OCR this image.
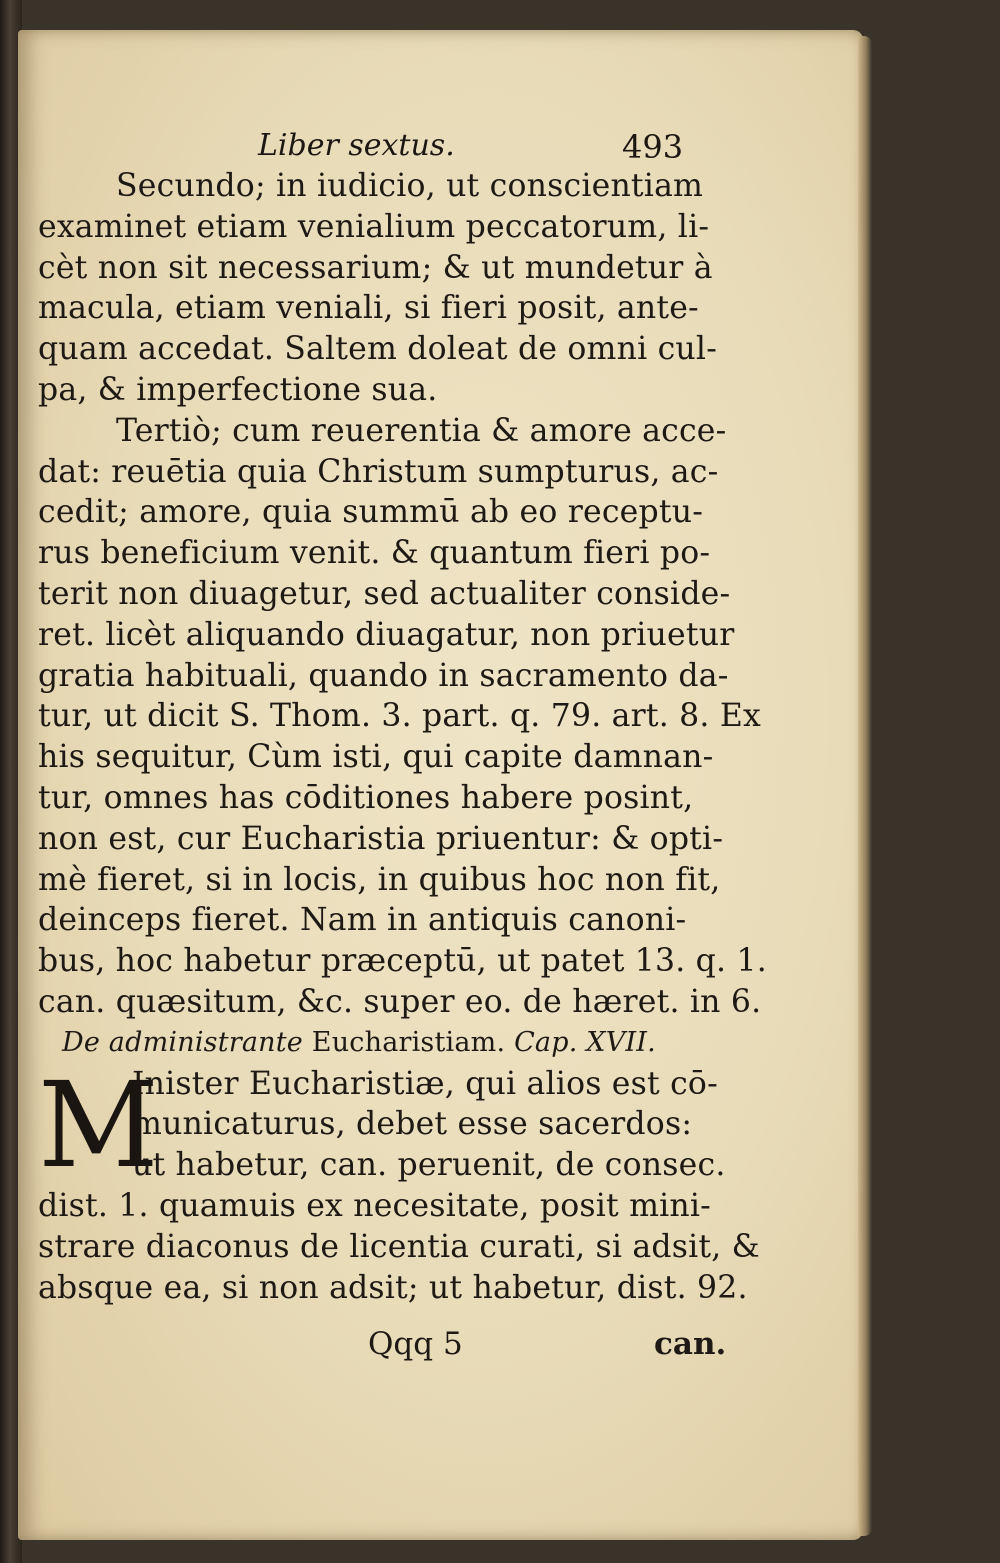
Liber sextus.	493
Secundo; in iudicio, ut conscientiam
examinet etiam venialium peccatorum, li-
cèt non sit necessarium; & ut mundetur à
macula, etiam veniali, si fieri posit, ante-
quam accedat. Saltem doleat de omni cul-
pa, & imperfectione sua.
Tertiò; cum reuerentia & amore acce-
dat: reuētia quia Christum sumpturus, ac-
cedit; amore, quia summū ab eo receptu-
rus beneficium venit. & quantum fieri po-
terit non diuagetur, sed actualiter conside-
ret. licèt aliquando diuagatur, non priuetur
gratia habituali, quando in sacramento da-
tur, ut dicit S. Thom. 3. part. q. 79. art. 8. Ex
his sequitur, Cùm isti, qui capite damnan-
tur, omnes has cōditiones habere posint,
non est, cur Eucharistia priuentur: & opti-
mè fieret, si in locis, in quibus hoc non fit,
deinceps fieret. Nam in antiquis canoni-
bus, hoc habetur præceptū, ut patet 13. q. 1.
can. quæsitum, &c. super eo. de hæret. in 6.
De administrante Eucharistiam. Cap. XVII.
M
Inister Eucharistiæ, qui alios est cō-
municaturus, debet esse sacerdos:
ut habetur, can. peruenit, de consec.
dist. 1. quamuis ex necesitate, posit mini-
strare diaconus de licentia curati, si adsit, &
absque ea, si non adsit; ut habetur, dist. 92.
Qqq 5	can.
